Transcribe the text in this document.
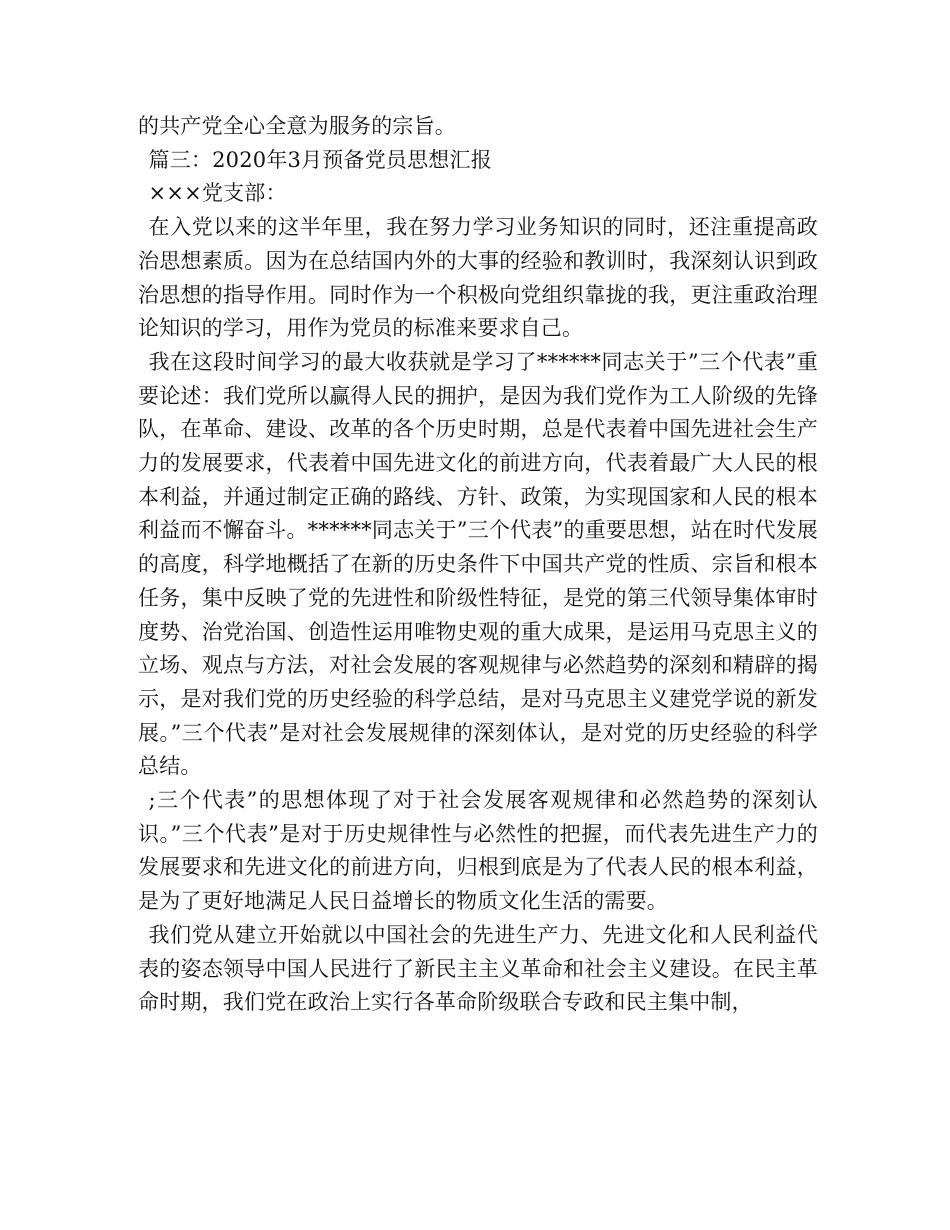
的共产党全心全意为服务的宗旨。

篇三：2020年3月预备党员思想汇报

×××党支部：

在入党以来的这半年里，我在努力学习业务知识的同时，还注重提高政治思想素质。因为在总结国内外的大事的经验和教训时，我深刻认识到政治思想的指导作用。同时作为一个积极向党组织靠拢的我，更注重政治理论知识的学习，用作为党员的标准来要求自己。

我在这段时间学习的最大收获就是学习了******同志关于”三个代表”重要论述：我们党所以赢得人民的拥护，是因为我们党作为工人阶级的先锋队，在革命、建设、改革的各个历史时期，总是代表着中国先进社会生产力的发展要求，代表着中国先进文化的前进方向，代表着最广大人民的根本利益，并通过制定正确的路线、方针、政策，为实现国家和人民的根本利益而不懈奋斗。******同志关于”三个代表”的重要思想，站在时代发展的高度，科学地概括了在新的历史条件下中国共产党的性质、宗旨和根本任务，集中反映了党的先进性和阶级性特征，是党的第三代领导集体审时度势、治党治国、创造性运用唯物史观的重大成果，是运用马克思主义的立场、观点与方法，对社会发展的客观规律与必然趋势的深刻和精辟的揭示，是对我们党的历史经验的科学总结，是对马克思主义建党学说的新发展。”三个代表”是对社会发展规律的深刻体认，是对党的历史经验的科学总结。

;三个代表”的思想体现了对于社会发展客观规律和必然趋势的深刻认识。”三个代表”是对于历史规律性与必然性的把握，而代表先进生产力的发展要求和先进文化的前进方向，归根到底是为了代表人民的根本利益，是为了更好地满足人民日益增长的物质文化生活的需要。

我们党从建立开始就以中国社会的先进生产力、先进文化和人民利益代表的姿态领导中国人民进行了新民主主义革命和社会主义建设。在民主革命时期，我们党在政治上实行各革命阶级联合专政和民主集中制，
